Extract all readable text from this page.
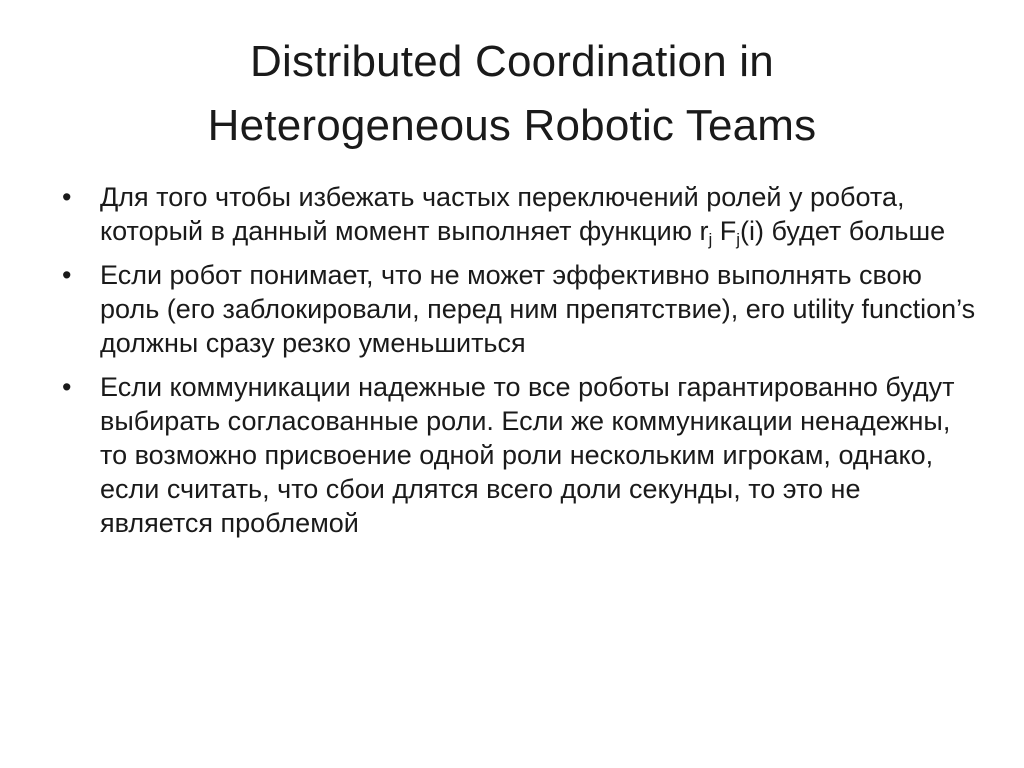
Distributed Coordination in
Heterogeneous Robotic Teams
• Для того чтобы избежать частых переключений ролей у робота, который в данный момент выполняет функцию $r_j$ $F_j(i)$ будет больше
• Если робот понимает, что не может эффективно выполнять свою роль (его заблокировали, перед ним препятствие), его utility function’s должны сразу резко уменьшиться
• Если коммуникации надежные то все роботы гарантированно будут выбирать согласованные роли. Если же коммуникации ненадежны, то возможно присвоение одной роли нескольким игрокам, однако, если считать, что сбои длятся всего доли секунды, то это не является проблемой
